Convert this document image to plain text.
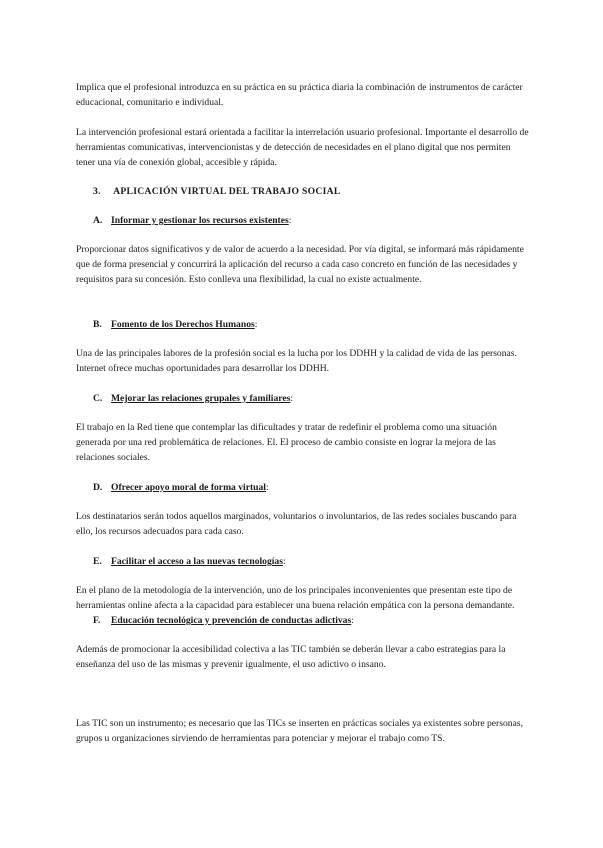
Implica que el profesional introduzca en su práctica en su práctica diaria la combinación de instrumentos de carácter educacional, comunitario e individual.

La intervención profesional estará orientada a facilitar la interrelación usuario profesional. Importante el desarrollo de herramientas comunicativas, intervencionistas y de detección de necesidades en el plano digital que nos permiten tener una vía de conexión global, accesible y rápida.

3. APLICACIÓN VIRTUAL DEL TRABAJO SOCIAL
A. Informar y gestionar los recursos existentes:

Proporcionar datos significativos y de valor de acuerdo a la necesidad. Por vía digital, se informará más rápidamente que de forma presencial y concurrirá la aplicación del recurso a cada caso concreto en función de las necesidades y requisitos para su concesión. Esto conlleva una flexibilidad, la cual no existe actualmente.

B. Fomento de los Derechos Humanos:

Una de las principales labores de la profesión social es la lucha por los DDHH y la calidad de vida de las personas. Internet ofrece muchas oportunidades para desarrollar los DDHH.

C. Mejorar las relaciones grupales y familiares:

El trabajo en la Red tiene que contemplar las dificultades y tratar de redefinir el problema como una situación generada por una red problemática de relaciones. El. El proceso de cambio consiste en lograr la mejora de las relaciones sociales.

D. Ofrecer apoyo moral de forma virtual:

Los destinatarios serán todos aquellos marginados, voluntarios o involuntarios, de las redes sociales buscando para ello, los recursos adecuados para cada caso.

E. Facilitar el acceso a las nuevas tecnologías:

En el plano de la metodología de la intervención, uno de los principales inconvenientes que presentan este tipo de herramientas online afecta a la capacidad para establecer una buena relación empática con la persona demandante.

F. Educación tecnológica y prevención de conductas adictivas:

Además de promocionar la accesibilidad colectiva a las TIC también se deberán llevar a cabo estrategias para la enseñanza del uso de las mismas y prevenir igualmente, el uso adictivo o insano.

Las TIC son un instrumento; es necesario que las TICs se inserten en prácticas sociales ya existentes sobre personas, grupos u organizaciones sirviendo de herramientas para potenciar y mejorar el trabajo como TS.
